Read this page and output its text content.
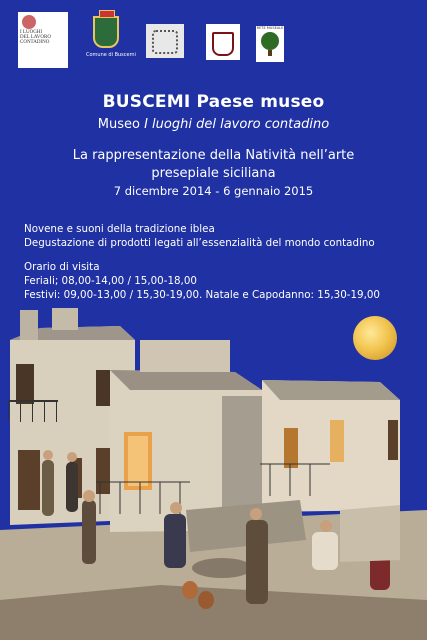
I LUOGHI
DEL LAVORO
CONTADINO
Comune di Buscemi
RETE MUSEALE
BUSCEMI Paese museo
Museo I luoghi del lavoro contadino
La rappresentazione della Natività nell’arte
presepiale siciliana
7 dicembre 2014 - 6 gennaio 2015
Novene e suoni della tradizione iblea
Degustazione di prodotti legati all’essenzialità del mondo contadino
Orario di visita
Feriali; 08,00-14,00 / 15,00-18,00
Festivi: 09,00-13,00 / 15,30-19,00. Natale e Capodanno: 15,30-19,00
